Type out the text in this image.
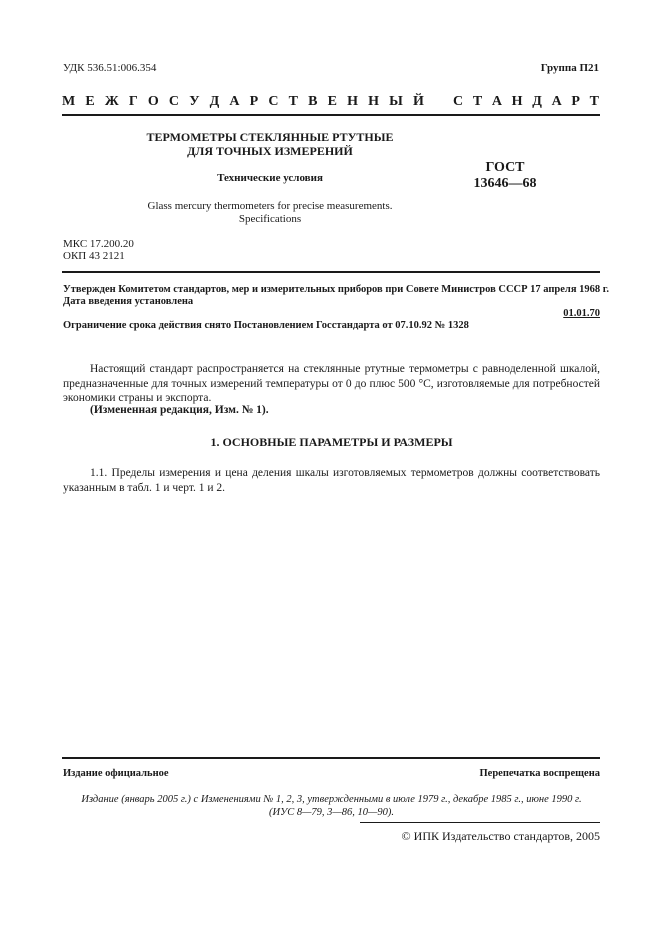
УДК 536.51:006.354	Группа П21
М Е Ж Г О С У Д А Р С Т В Е Н Н Ы Й С Т А Н Д А Р Т
ТЕРМОМЕТРЫ СТЕКЛЯННЫЕ РТУТНЫЕ
ДЛЯ ТОЧНЫХ ИЗМЕРЕНИЙ
Технические условия
Glass mercury thermometers for precise measurements.
Specifications
ГОСТ
13646—68
МКС 17.200.20
ОКП 43 2121
Утвержден Комитетом стандартов, мер и измерительных приборов при Совете Министров СССР 17 апреля 1968 г.
Дата введения установлена
01.01.70
Ограничение срока действия снято Постановлением Госстандарта от 07.10.92 № 1328
Настоящий стандарт распространяется на стеклянные ртутные термометры с равноделенной шкалой, предназначенные для точных измерений температуры от 0 до плюс 500 °С, изготовляемые для потребностей экономики страны и экспорта.
(Измененная редакция, Изм. № 1).
1. ОСНОВНЫЕ ПАРАМЕТРЫ И РАЗМЕРЫ
1.1. Пределы измерения и цена деления шкалы изготовляемых термометров должны соответствовать указанным в табл. 1 и черт. 1 и 2.
Издание официальное	Перепечатка воспрещена
Издание (январь 2005 г.) с Изменениями № 1, 2, 3, утвержденными в июле 1979 г., декабре 1985 г., июне 1990 г.
(ИУС 8—79, 3—86, 10—90).
© ИПК Издательство стандартов, 2005
